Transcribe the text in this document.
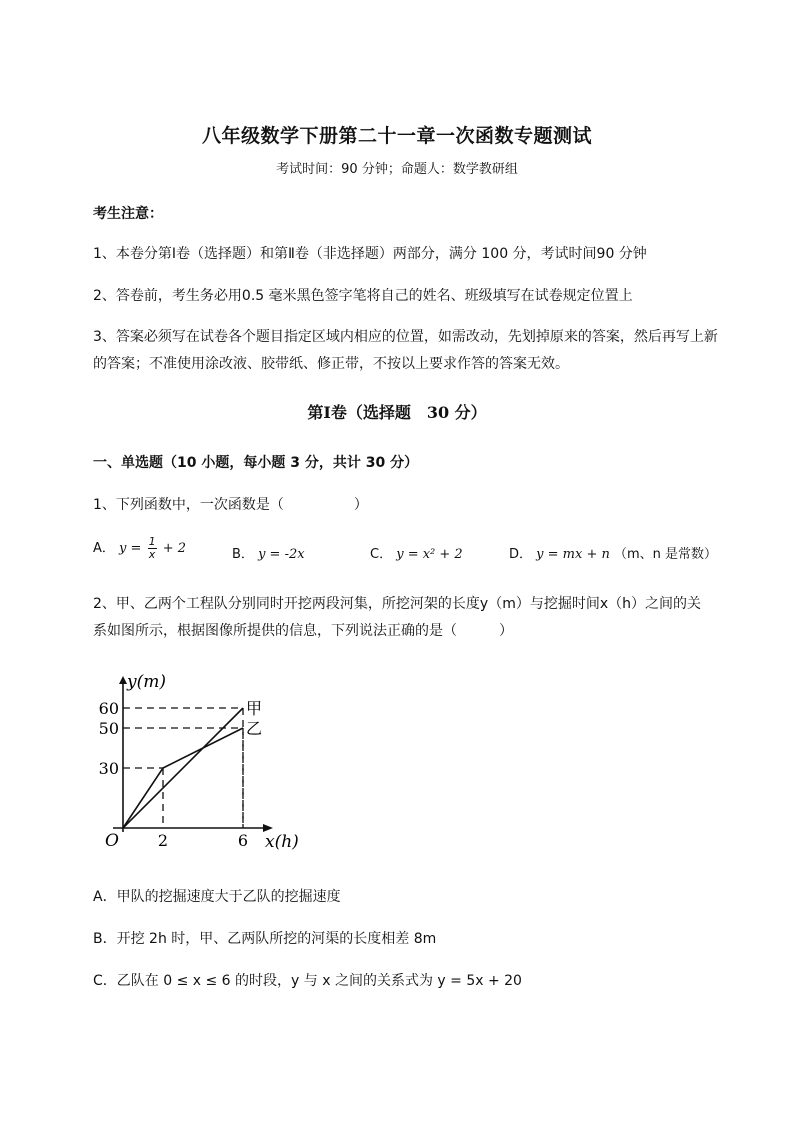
八年级数学下册第二十一章一次函数专题测试
考试时间：90 分钟；命题人：数学教研组
考生注意：
1、本卷分第Ⅰ卷（选择题）和第Ⅱ卷（非选择题）两部分，满分 100 分，考试时间90 分钟
2、答卷前，考生务必用0.5 毫米黑色签字笔将自己的姓名、班级填写在试卷规定位置上
3、答案必须写在试卷各个题目指定区域内相应的位置，如需改动，先划掉原来的答案，然后再写上新
的答案；不准使用涂改液、胶带纸、修正带，不按以上要求作答的答案无效。
第Ⅰ卷（选择题　30 分）
一、单选题（10 小题，每小题 3 分，共计 30 分）
1、下列函数中，一次函数是（　　　　　）
A． $y = \frac{1}{x} + 2$	B． y = -2x	C． y = x² + 2	D． y = mx + n （m、n 是常数）
2、甲、乙两个工程队分别同时开挖两段河集，所挖河架的长度y（m）与挖掘时间x（h）之间的关
系如图所示，根据图像所提供的信息，下列说法正确的是（　　　）
甲
乙
2	6
30
50
60
O	x(h)
y(m)
A．甲队的挖掘速度大于乙队的挖掘速度
B．开挖 2h 时，甲、乙两队所挖的河渠的长度相差 8m
C．乙队在 0 ≤ x ≤ 6 的时段，y 与 x 之间的关系式为 y = 5x + 20
